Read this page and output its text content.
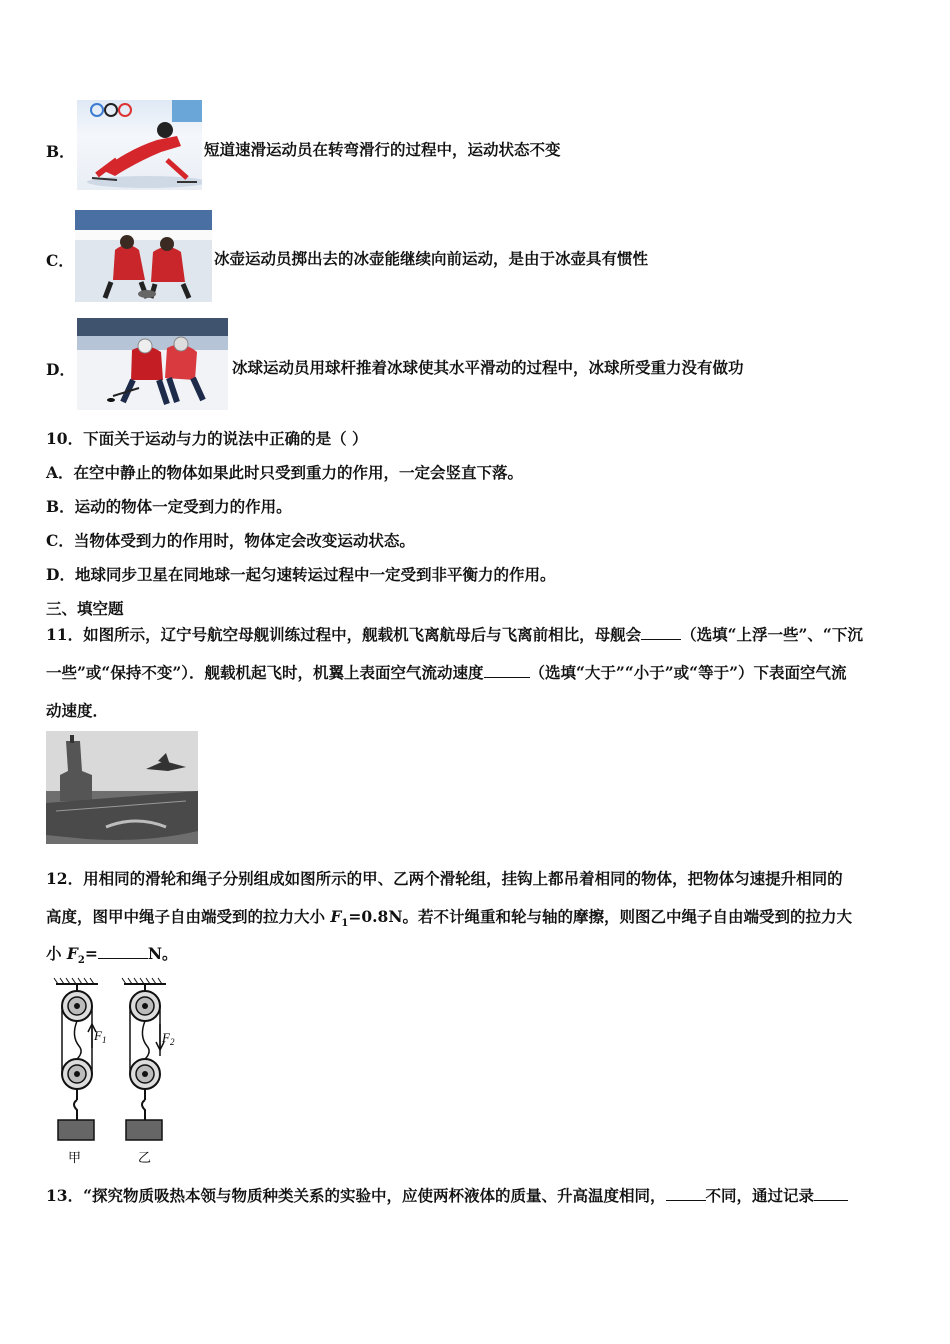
B．	短道速滑运动员在转弯滑行的过程中，运动状态不变
C．	冰壶运动员掷出去的冰壶能继续向前运动，是由于冰壶具有惯性
D．	冰球运动员用球杆推着冰球使其水平滑动的过程中，冰球所受重力没有做功
10．下面关于运动与力的说法中正确的是（ ）
A．在空中静止的物体如果此时只受到重力的作用，一定会竖直下落。
B．运动的物体一定受到力的作用。
C．当物体受到力的作用时，物体定会改变运动状态。
D．地球同步卫星在同地球一起匀速转运过程中一定受到非平衡力的作用。
三、填空题
11．如图所示，辽宁号航空母舰训练过程中，舰载机飞离航母后与飞离前相比，母舰会	（选填“上浮一些”、“下沉
一些”或“保持不变”）．舰载机起飞时，机翼上表面空气流动速度	（选填“大于”“小于”或“等于”）下表面空气流
动速度．
12．用相同的滑轮和绳子分别组成如图所示的甲、乙两个滑轮组，挂钩上都吊着相同的物体，把物体匀速提升相同的
高度，图甲中绳子自由端受到的拉力大小 $F_1=0.8N$。若不计绳重和轮与轴的摩擦，则图乙中绳子自由端受到的拉力大
小 $F_2=$	N。
$F_1$	$F_2$
甲	乙
13．“探究物质吸热本领与物质种类关系的实验中，应使两杯液体的质量、升高温度相同，	不同，通过记录
